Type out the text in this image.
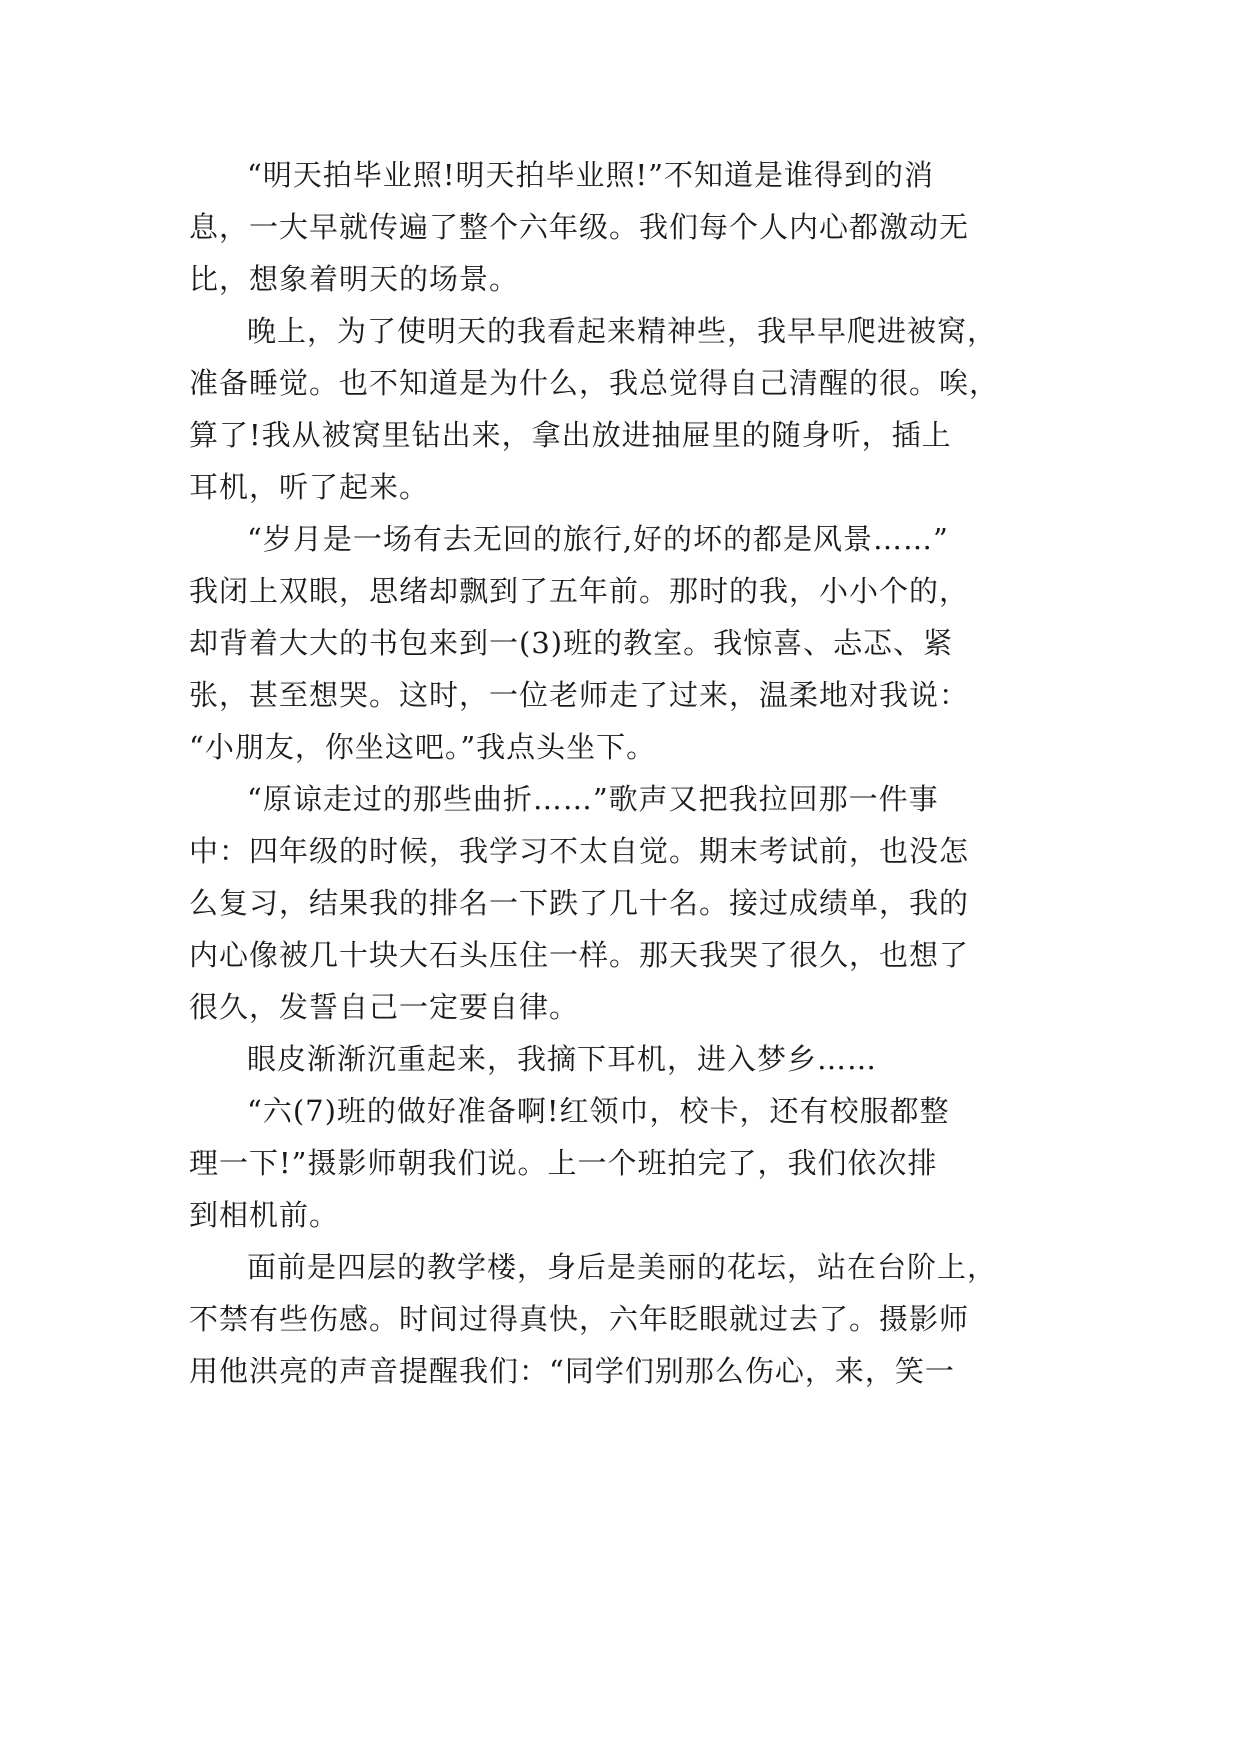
“明天拍毕业照!明天拍毕业照!”不知道是谁得到的消
息，一大早就传遍了整个六年级。我们每个人内心都激动无
比，想象着明天的场景。
晚上，为了使明天的我看起来精神些，我早早爬进被窝，
准备睡觉。也不知道是为什么，我总觉得自己清醒的很。唉，
算了!我从被窝里钻出来，拿出放进抽屉里的随身听，插上
耳机，听了起来。
“岁月是一场有去无回的旅行,好的坏的都是风景……”
我闭上双眼，思绪却飘到了五年前。那时的我，小小个的，
却背着大大的书包来到一(3)班的教室。我惊喜、忐忑、紧
张，甚至想哭。这时，一位老师走了过来，温柔地对我说：
“小朋友，你坐这吧。”我点头坐下。
“原谅走过的那些曲折……”歌声又把我拉回那一件事
中：四年级的时候，我学习不太自觉。期末考试前，也没怎
么复习，结果我的排名一下跌了几十名。接过成绩单，我的
内心像被几十块大石头压住一样。那天我哭了很久，也想了
很久，发誓自己一定要自律。
眼皮渐渐沉重起来，我摘下耳机，进入梦乡……
“六(7)班的做好准备啊!红领巾，校卡，还有校服都整
理一下!”摄影师朝我们说。上一个班拍完了，我们依次排
到相机前。
面前是四层的教学楼，身后是美丽的花坛，站在台阶上，
不禁有些伤感。时间过得真快，六年眨眼就过去了。摄影师
用他洪亮的声音提醒我们：“同学们别那么伤心，来，笑一
